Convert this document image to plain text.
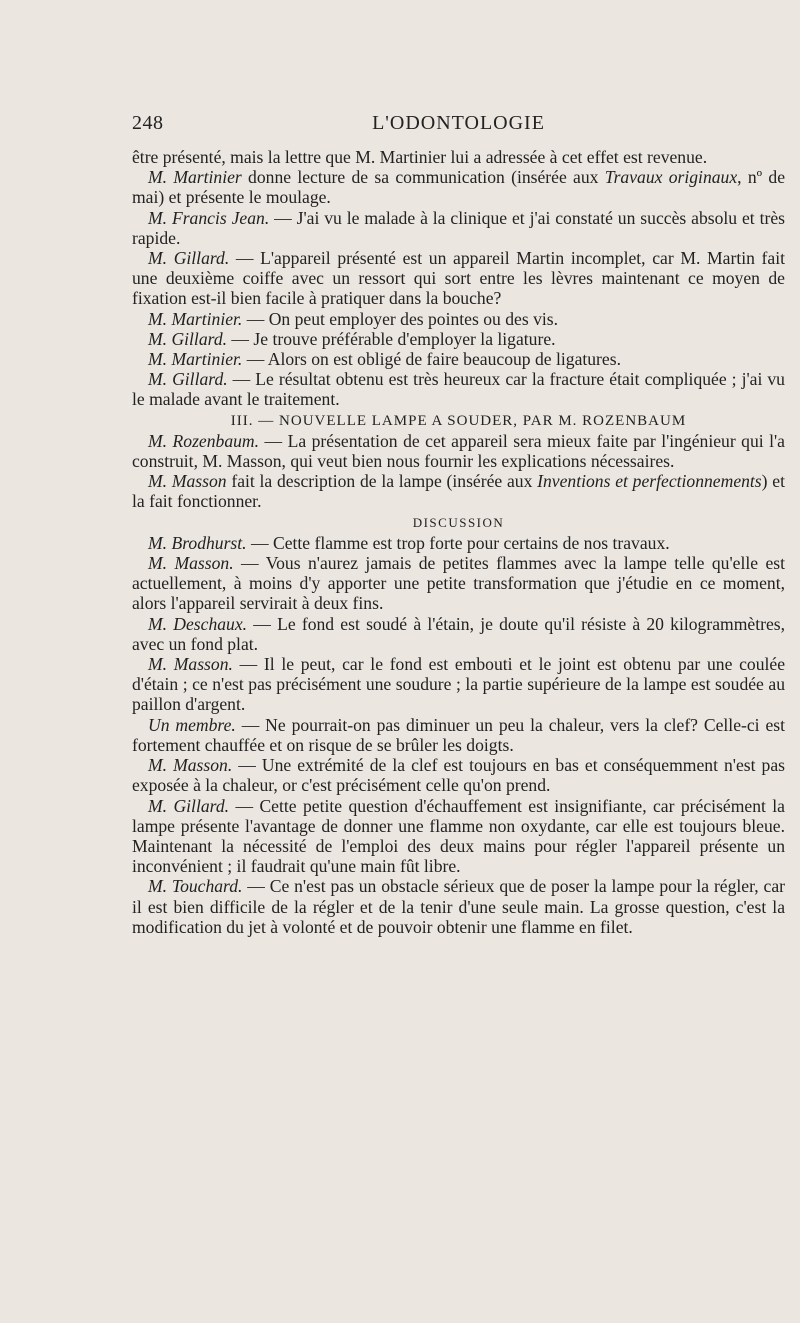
248	L'ODONTOLOGIE

être présenté, mais la lettre que M. Martinier lui a adressée à cet effet est revenue.

M. Martinier donne lecture de sa communication (insérée aux Travaux originaux, nº de mai) et présente le moulage.

M. Francis Jean. — J'ai vu le malade à la clinique et j'ai constaté un succès absolu et très rapide.

M. Gillard. — L'appareil présenté est un appareil Martin incomplet, car M. Martin fait une deuxième coiffe avec un ressort qui sort entre les lèvres maintenant ce moyen de fixation est-il bien facile à pratiquer dans la bouche?

M. Martinier. — On peut employer des pointes ou des vis.

M. Gillard. — Je trouve préférable d'employer la ligature.

M. Martinier. — Alors on est obligé de faire beaucoup de ligatures.

M. Gillard. — Le résultat obtenu est très heureux car la fracture était compliquée ; j'ai vu le malade avant le traitement.

III. — NOUVELLE LAMPE A SOUDER, PAR M. ROZENBAUM

M. Rozenbaum. — La présentation de cet appareil sera mieux faite par l'ingénieur qui l'a construit, M. Masson, qui veut bien nous fournir les explications nécessaires.

M. Masson fait la description de la lampe (insérée aux Inventions et perfectionnements) et la fait fonctionner.

DISCUSSION

M. Brodhurst. — Cette flamme est trop forte pour certains de nos travaux.

M. Masson. — Vous n'aurez jamais de petites flammes avec la lampe telle qu'elle est actuellement, à moins d'y apporter une petite transformation que j'étudie en ce moment, alors l'appareil servirait à deux fins.

M. Deschaux. — Le fond est soudé à l'étain, je doute qu'il résiste à 20 kilogrammètres, avec un fond plat.

M. Masson. — Il le peut, car le fond est embouti et le joint est obtenu par une coulée d'étain ; ce n'est pas précisément une soudure ; la partie supérieure de la lampe est soudée au paillon d'argent.

Un membre. — Ne pourrait-on pas diminuer un peu la chaleur, vers la clef? Celle-ci est fortement chauffée et on risque de se brûler les doigts.

M. Masson. — Une extrémité de la clef est toujours en bas et conséquemment n'est pas exposée à la chaleur, or c'est précisément celle qu'on prend.

M. Gillard. — Cette petite question d'échauffement est insignifiante, car précisément la lampe présente l'avantage de donner une flamme non oxydante, car elle est toujours bleue. Maintenant la nécessité de l'emploi des deux mains pour régler l'appareil présente un inconvénient ; il faudrait qu'une main fût libre.

M. Touchard. — Ce n'est pas un obstacle sérieux que de poser la lampe pour la régler, car il est bien difficile de la régler et de la tenir d'une seule main. La grosse question, c'est la modification du jet à volonté et de pouvoir obtenir une flamme en filet.
